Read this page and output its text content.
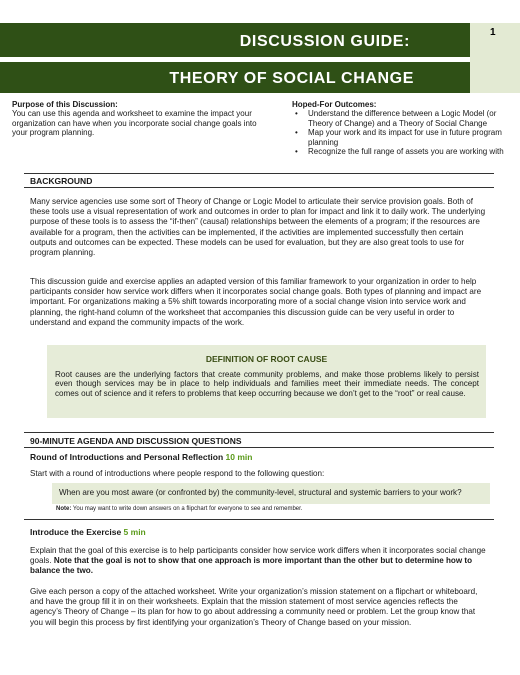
DISCUSSION GUIDE:
THEORY OF SOCIAL CHANGE
1
Purpose of this Discussion:
You can use this agenda and worksheet to examine the impact your organization can have when you incorporate social change goals into your program planning.
Hoped-For Outcomes:
• Understand the difference between a Logic Model (or Theory of Change) and a Theory of Social Change
• Map your work and its impact for use in future program planning
• Recognize the full range of assets you are working with
BACKGROUND
Many service agencies use some sort of Theory of Change or Logic Model to articulate their service provision goals. Both of these tools use a visual representation of work and outcomes in order to plan for impact and link it to daily work. The underlying purpose of these tools is to assess the “if-then” (causal) relationships between the elements of a program; if the resources are available for a program, then the activities can be implemented, if the activities are implemented successfully then certain outputs and outcomes can be expected. These models can be used for evaluation, but they are also great tools to use for program planning.
This discussion guide and exercise applies an adapted version of this familiar framework to your organization in order to help participants consider how service work differs when it incorporates social change goals. Both types of planning and impact are important. For organizations making a 5% shift towards incorporating more of a social change vision into service work and planning, the right-hand column of the worksheet that accompanies this discussion guide can be very useful in order to understand and expand the community impacts of the work.
DEFINITION OF ROOT CAUSE
Root causes are the underlying factors that create community problems, and make those problems likely to persist even though services may be in place to help individuals and families meet their immediate needs. The concept comes out of science and it refers to problems that keep occurring because we don’t get to the “root” or real cause.
90-MINUTE AGENDA AND DISCUSSION QUESTIONS
Round of Introductions and Personal Reflection 10 min
Start with a round of introductions where people respond to the following question:
When are you most aware (or confronted by) the community-level, structural and systemic barriers to your work?
Note: You may want to write down answers on a flipchart for everyone to see and remember.
Introduce the Exercise 5 min
Explain that the goal of this exercise is to help participants consider how service work differs when it incorporates social change goals. Note that the goal is not to show that one approach is more important than the other but to determine how to balance the two.
Give each person a copy of the attached worksheet. Write your organization’s mission statement on a flipchart or whiteboard, and have the group fill it in on their worksheets. Explain that the mission statement of most service agencies reflects the agency’s Theory of Change – its plan for how to go about addressing a community need or problem. Let the group know that you will begin this process by first identifying your organization’s Theory of Change based on your mission.
